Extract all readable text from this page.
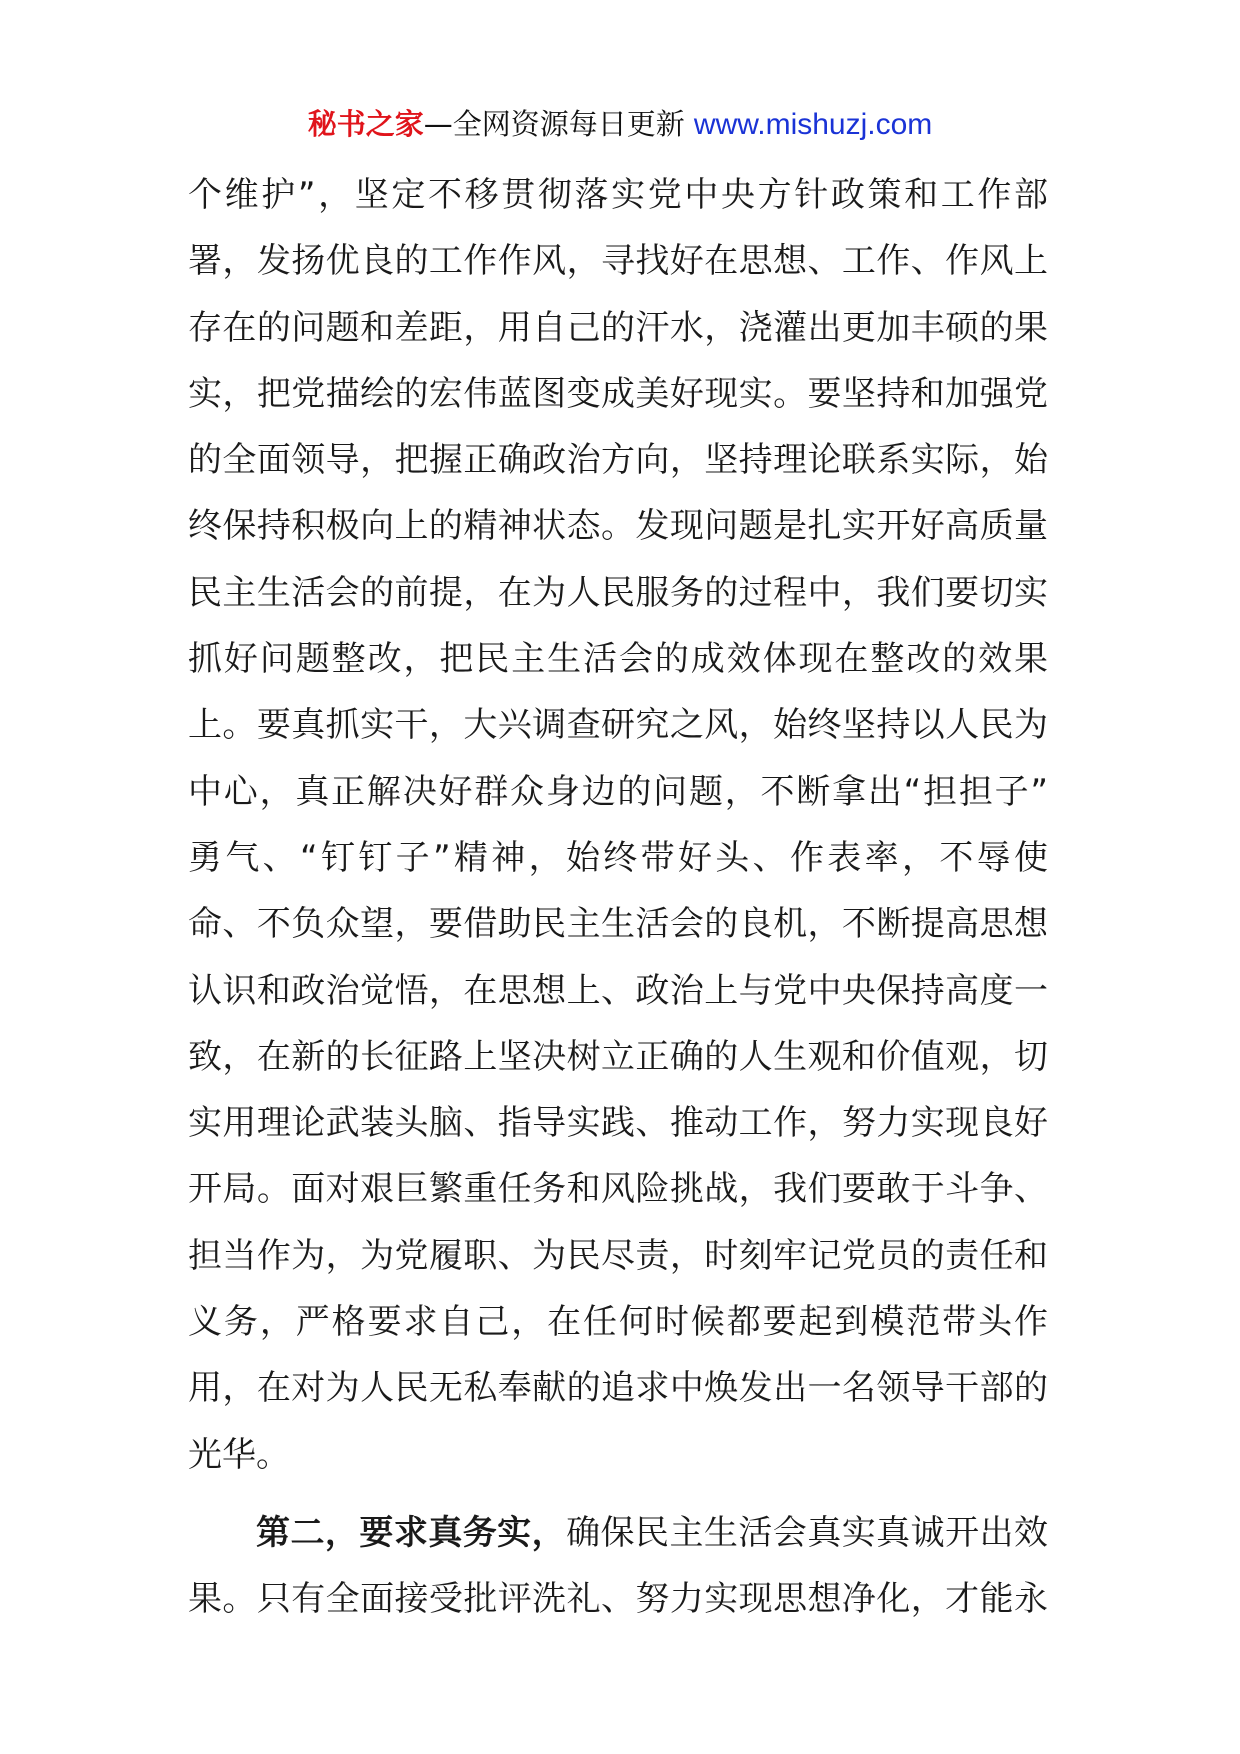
秘书之家—全网资源每日更新 www.mishuzj.com
个维护”，坚定不移贯彻落实党中央方针政策和工作部
署，发扬优良的工作作风，寻找好在思想、工作、作风上
存在的问题和差距，用自己的汗水，浇灌出更加丰硕的果
实，把党描绘的宏伟蓝图变成美好现实。要坚持和加强党
的全面领导，把握正确政治方向，坚持理论联系实际，始
终保持积极向上的精神状态。发现问题是扎实开好高质量
民主生活会的前提，在为人民服务的过程中，我们要切实
抓好问题整改，把民主生活会的成效体现在整改的效果
上。要真抓实干，大兴调查研究之风，始终坚持以人民为
中心，真正解决好群众身边的问题，不断拿出“担担子”
勇气、“钉钉子”精神，始终带好头、作表率，不辱使
命、不负众望，要借助民主生活会的良机，不断提高思想
认识和政治觉悟，在思想上、政治上与党中央保持高度一
致，在新的长征路上坚决树立正确的人生观和价值观，切
实用理论武装头脑、指导实践、推动工作，努力实现良好
开局。面对艰巨繁重任务和风险挑战，我们要敢于斗争、
担当作为，为党履职、为民尽责，时刻牢记党员的责任和
义务，严格要求自己，在任何时候都要起到模范带头作
用，在对为人民无私奉献的追求中焕发出一名领导干部的
光华。
第二，要求真务实，确保民主生活会真实真诚开出效
果。只有全面接受批评洗礼、努力实现思想净化，才能永
